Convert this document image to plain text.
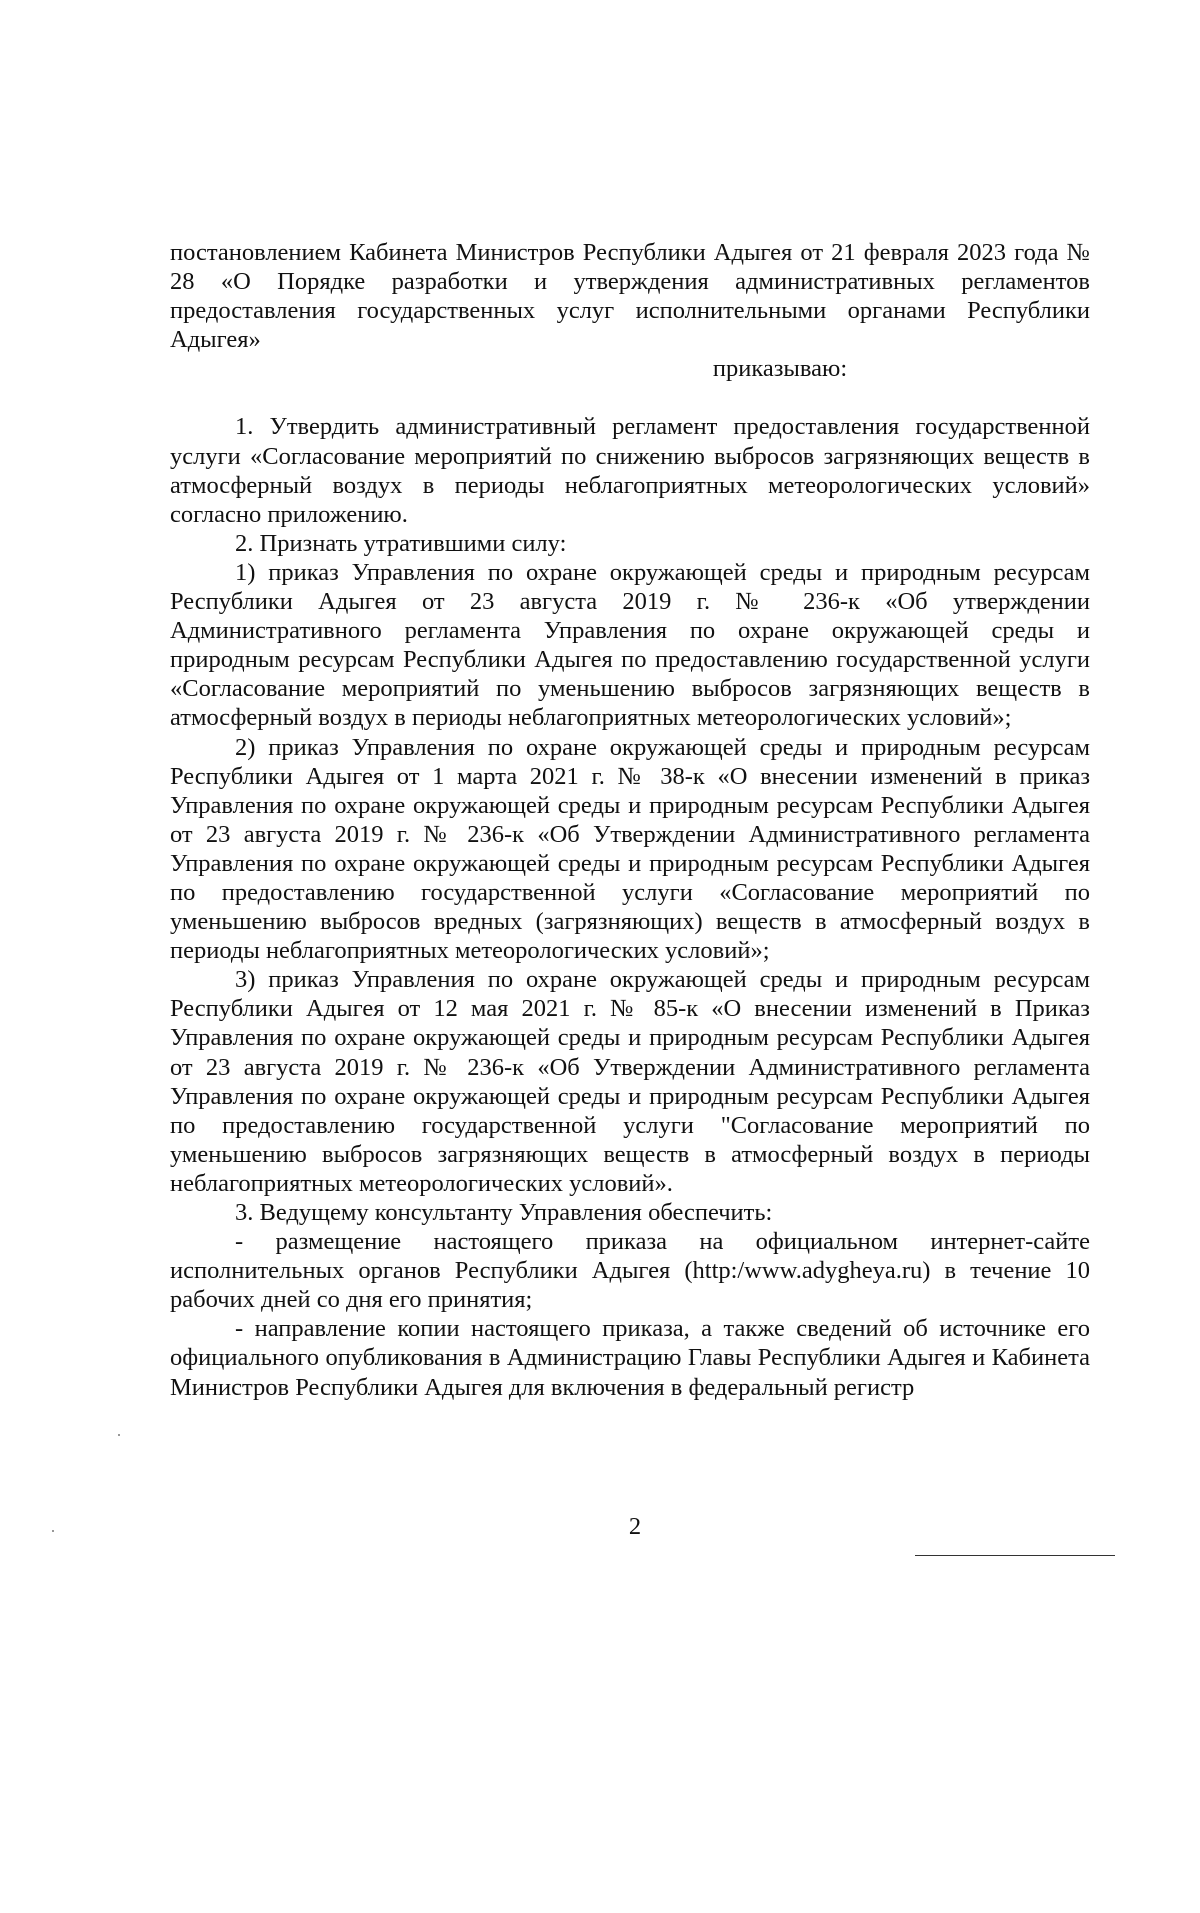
постановлением Кабинета Министров Республики Адыгея от 21 февраля 2023 года № 28 «О Порядке разработки и утверждения административных регламентов предоставления государственных услуг исполнительными органами Республики Адыгея»

приказываю:

1. Утвердить административный регламент предоставления государственной услуги «Согласование мероприятий по снижению выбросов загрязняющих веществ в атмосферный воздух в периоды неблагоприятных метеорологических условий» согласно приложению.

2. Признать утратившими силу:

1) приказ Управления по охране окружающей среды и природным ресурсам Республики Адыгея от 23 августа 2019 г. № 236-к «Об утверждении Административного регламента Управления по охране окружающей среды и природным ресурсам Республики Адыгея по предоставлению государственной услуги «Согласование мероприятий по уменьшению выбросов загрязняющих веществ в атмосферный воздух в периоды неблагоприятных метеорологических условий»;

2) приказ Управления по охране окружающей среды и природным ресурсам Республики Адыгея от 1 марта 2021 г. № 38-к «О внесении изменений в приказ Управления по охране окружающей среды и природным ресурсам Республики Адыгея от 23 августа 2019 г. № 236-к «Об Утверждении Административного регламента Управления по охране окружающей среды и природным ресурсам Республики Адыгея по предоставлению государственной услуги «Согласование мероприятий по уменьшению выбросов вредных (загрязняющих) веществ в атмосферный воздух в периоды неблагоприятных метеорологических условий»;

3) приказ Управления по охране окружающей среды и природным ресурсам Республики Адыгея от 12 мая 2021 г. № 85-к «О внесении изменений в Приказ Управления по охране окружающей среды и природным ресурсам Республики Адыгея от 23 августа 2019 г. № 236-к «Об Утверждении Административного регламента Управления по охране окружающей среды и природным ресурсам Республики Адыгея по предоставлению государственной услуги "Согласование мероприятий по уменьшению выбросов загрязняющих веществ в атмосферный воздух в периоды неблагоприятных метеорологических условий».

3. Ведущему консультанту Управления обеспечить:

- размещение настоящего приказа на официальном интернет-сайте исполнительных органов Республики Адыгея (http:/www.adygheya.ru) в течение 10 рабочих дней со дня его принятия;

- направление копии настоящего приказа, а также сведений об источнике его официального опубликования в Администрацию Главы Республики Адыгея и Кабинета Министров Республики Адыгея для включения в федеральный регистр

2
